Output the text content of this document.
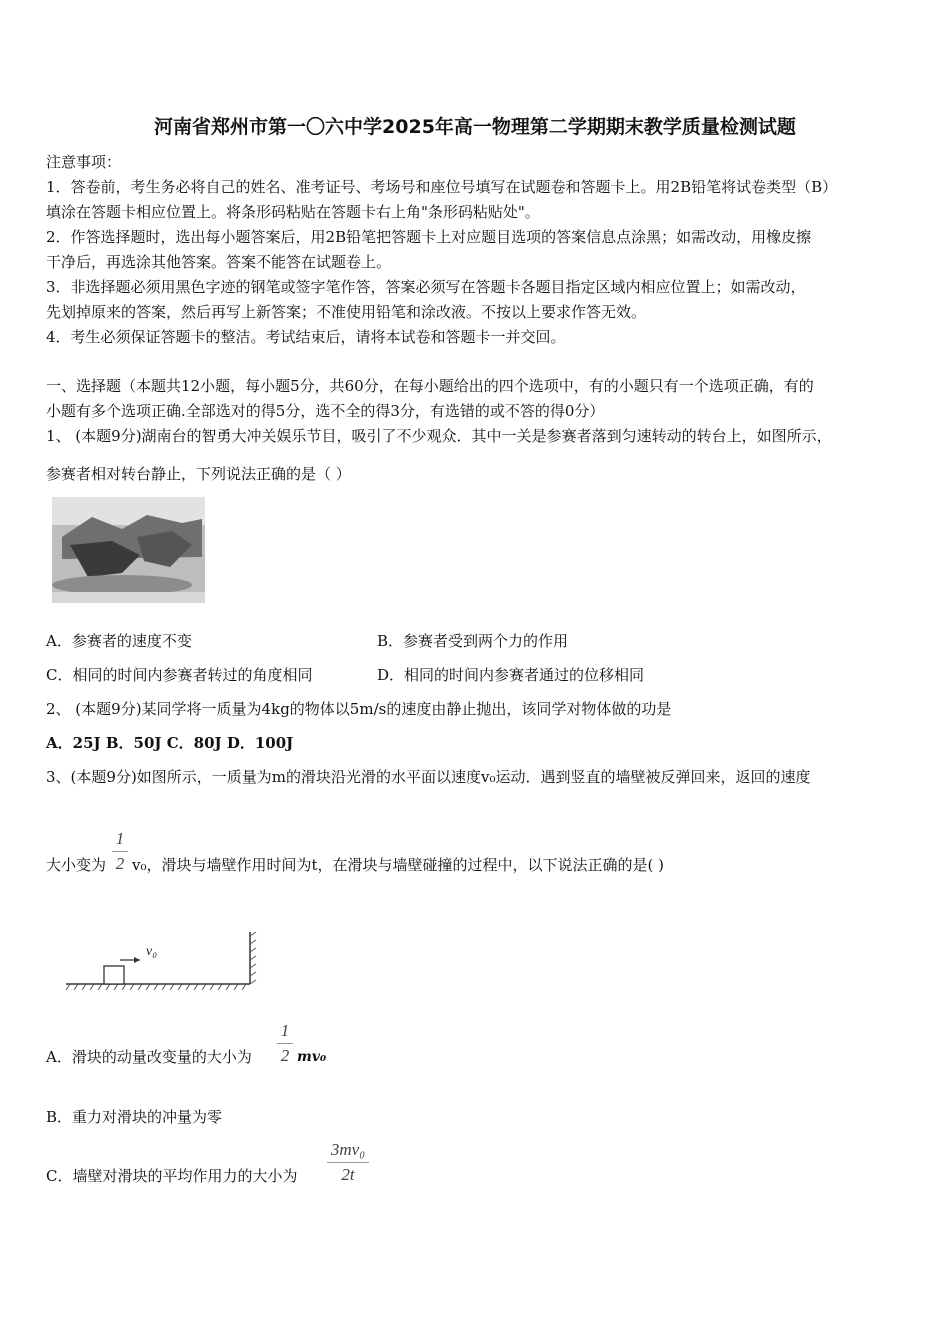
河南省郑州市第一〇六中学2025年高一物理第二学期期末教学质量检测试题
注意事项：
1．答卷前，考生务必将自己的姓名、准考证号、考场号和座位号填写在试题卷和答题卡上。用2B铅笔将试卷类型（B）
填涂在答题卡相应位置上。将条形码粘贴在答题卡右上角"条形码粘贴处"。
2．作答选择题时，选出每小题答案后，用2B铅笔把答题卡上对应题目选项的答案信息点涂黑；如需改动，用橡皮擦
干净后，再选涂其他答案。答案不能答在试题卷上。
3．非选择题必须用黑色字迹的钢笔或签字笔作答，答案必须写在答题卡各题目指定区域内相应位置上；如需改动，
先划掉原来的答案，然后再写上新答案；不准使用铅笔和涂改液。不按以上要求作答无效。
4．考生必须保证答题卡的整洁。考试结束后，请将本试卷和答题卡一并交回。
一、选择题（本题共12小题，每小题5分，共60分，在每小题给出的四个选项中，有的小题只有一个选项正确，有的
小题有多个选项正确.全部选对的得5分，选不全的得3分，有选错的或不答的得0分）
1、 (本题9分)湖南台的智勇大冲关娱乐节目，吸引了不少观众．其中一关是参赛者落到匀速转动的转台上，如图所示，
参赛者相对转台静止，下列说法正确的是（ ）
A．参赛者的速度不变	B．参赛者受到两个力的作用
C．相同的时间内参赛者转过的角度相同	D．相同的时间内参赛者通过的位移相同
2、 (本题9分)某同学将一质量为4kg的物体以5m/s的速度由静止抛出，该同学对物体做的功是
A．25J B．50J C．80J D．100J
3、(本题9分)如图所示，一质量为m的滑块沿光滑的水平面以速度v₀运动．遇到竖直的墙壁被反弹回来，返回的速度
大小变为
1
2 v₀，滑块与墙壁作用时间为t，在滑块与墙壁碰撞的过程中，以下说法正确的是( )
v₀
A．滑块的动量改变量的大小为
1
2 mv₀
B．重力对滑块的冲量为零
C．墙壁对滑块的平均作用力的大小为
3mv₀
2t
